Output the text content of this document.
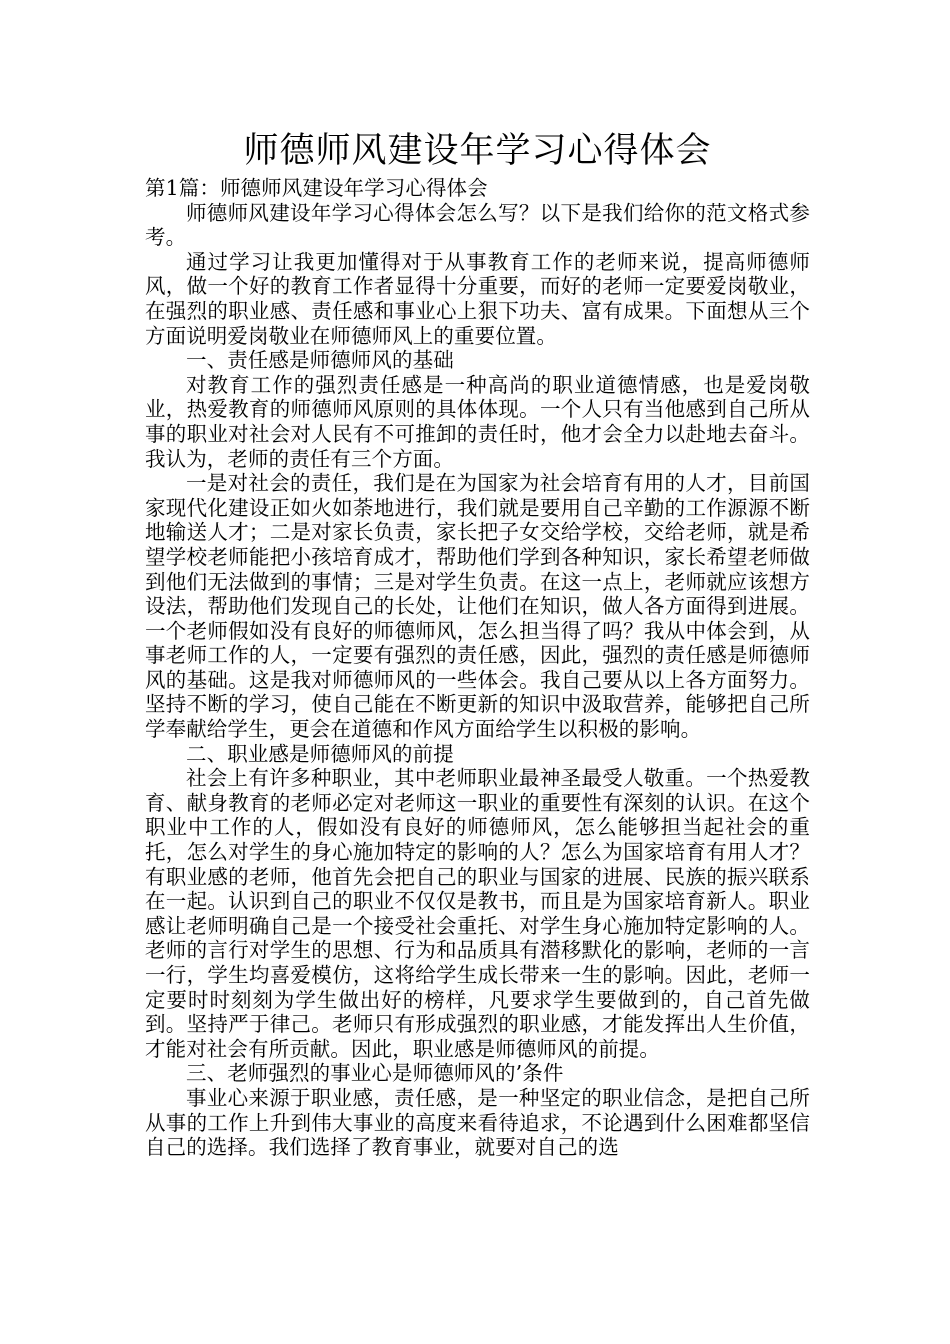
师德师风建设年学习心得体会

第1篇：师德师风建设年学习心得体会

师德师风建设年学习心得体会怎么写？以下是我们给你的范文格式参考。

通过学习让我更加懂得对于从事教育工作的老师来说，提高师德师风，做一个好的教育工作者显得十分重要，而好的老师一定要爱岗敬业，在强烈的职业感、责任感和事业心上狠下功夫、富有成果。下面想从三个方面说明爱岗敬业在师德师风上的重要位置。

一、责任感是师德师风的基础

对教育工作的强烈责任感是一种高尚的职业道德情感，也是爱岗敬业，热爱教育的师德师风原则的具体体现。一个人只有当他感到自己所从事的职业对社会对人民有不可推卸的责任时，他才会全力以赴地去奋斗。我认为，老师的责任有三个方面。

一是对社会的责任，我们是在为国家为社会培育有用的人才，目前国家现代化建设正如火如荼地进行，我们就是要用自己辛勤的工作源源不断地输送人才；二是对家长负责，家长把子女交给学校，交给老师，就是希望学校老师能把小孩培育成才，帮助他们学到各种知识，家长希望老师做到他们无法做到的事情；三是对学生负责。在这一点上，老师就应该想方设法，帮助他们发现自己的长处，让他们在知识，做人各方面得到进展。一个老师假如没有良好的师德师风，怎么担当得了吗？我从中体会到，从事老师工作的人，一定要有强烈的责任感，因此，强烈的责任感是师德师风的基础。这是我对师德师风的一些体会。我自己要从以上各方面努力。坚持不断的学习，使自己能在不断更新的知识中汲取营养，能够把自己所学奉献给学生，更会在道德和作风方面给学生以积极的影响。

二、职业感是师德师风的前提

社会上有许多种职业，其中老师职业最神圣最受人敬重。一个热爱教育、献身教育的老师必定对老师这一职业的重要性有深刻的认识。在这个职业中工作的人，假如没有良好的师德师风，怎么能够担当起社会的重托，怎么对学生的身心施加特定的影响的人？怎么为国家培育有用人才？有职业感的老师，他首先会把自己的职业与国家的进展、民族的振兴联系在一起。认识到自己的职业不仅仅是教书，而且是为国家培育新人。职业感让老师明确自己是一个接受社会重托、对学生身心施加特定影响的人。老师的言行对学生的思想、行为和品质具有潜移默化的影响，老师的一言一行，学生均喜爱模仿，这将给学生成长带来一生的影响。因此，老师一定要时时刻刻为学生做出好的榜样，凡要求学生要做到的，自己首先做到。坚持严于律己。老师只有形成强烈的职业感，才能发挥出人生价值，才能对社会有所贡献。因此，职业感是师德师风的前提。

三、老师强烈的事业心是师德师风的’条件

事业心来源于职业感，责任感，是一种坚定的职业信念，是把自己所从事的工作上升到伟大事业的高度来看待追求，不论遇到什么困难都坚信自己的选择。我们选择了教育事业，就要对自己的选
